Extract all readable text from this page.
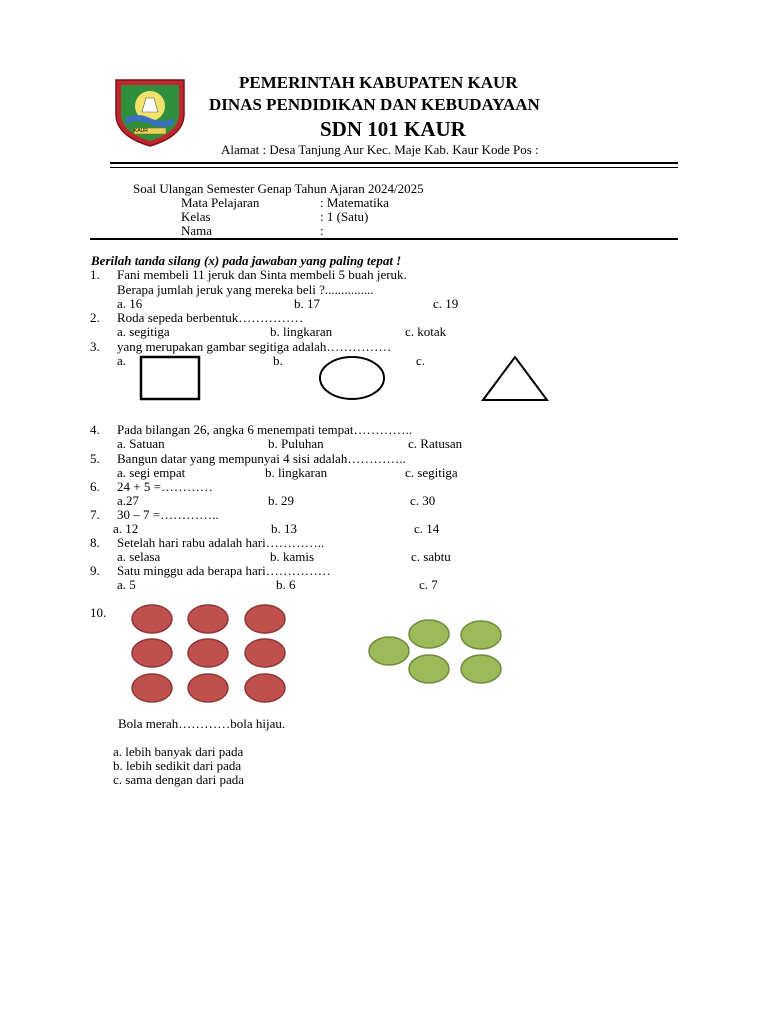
KAUR
PEMERINTAH KABUPATEN KAUR
DINAS PENDIDIKAN DAN KEBUDAYAAN
SDN 101 KAUR
Alamat : Desa Tanjung Aur Kec. Maje Kab. Kaur Kode Pos :
Soal Ulangan Semester Genap Tahun Ajaran 2024/2025
Mata Pelajaran	: Matematika
Kelas	: 1 (Satu)
Nama	:
Berilah tanda silang (x) pada jawaban yang paling tepat !
1. Fani membeli 11 jeruk dan Sinta membeli 5 buah jeruk.
Berapa jumlah jeruk yang mereka beli ?...............
a. 16	b. 17	c. 19
2. Roda sepeda berbentuk……………
a. segitiga	b. lingkaran	c. kotak
3. yang merupakan gambar segitiga adalah……………
a.	b.	c.
4. Pada bilangan 26, angka 6 menempati tempat…………..
a. Satuan	b. Puluhan	c. Ratusan
5. Bangun datar yang mempunyai 4 sisi adalah…………..
a. segi empat	b. lingkaran	c. segitiga
6. 24 + 5 =…………
a.27	b. 29	c. 30
7. 30 – 7 =…………..
a. 12	b. 13	c. 14
8. Setelah hari rabu adalah hari…………..
a. selasa	b. kamis	c. sabtu
9. Satu minggu ada berapa hari……………
a. 5	b. 6	c. 7
10.
Bola merah…………bola hijau.
a. lebih banyak dari pada
b. lebih sedikit dari pada
c. sama dengan dari pada
